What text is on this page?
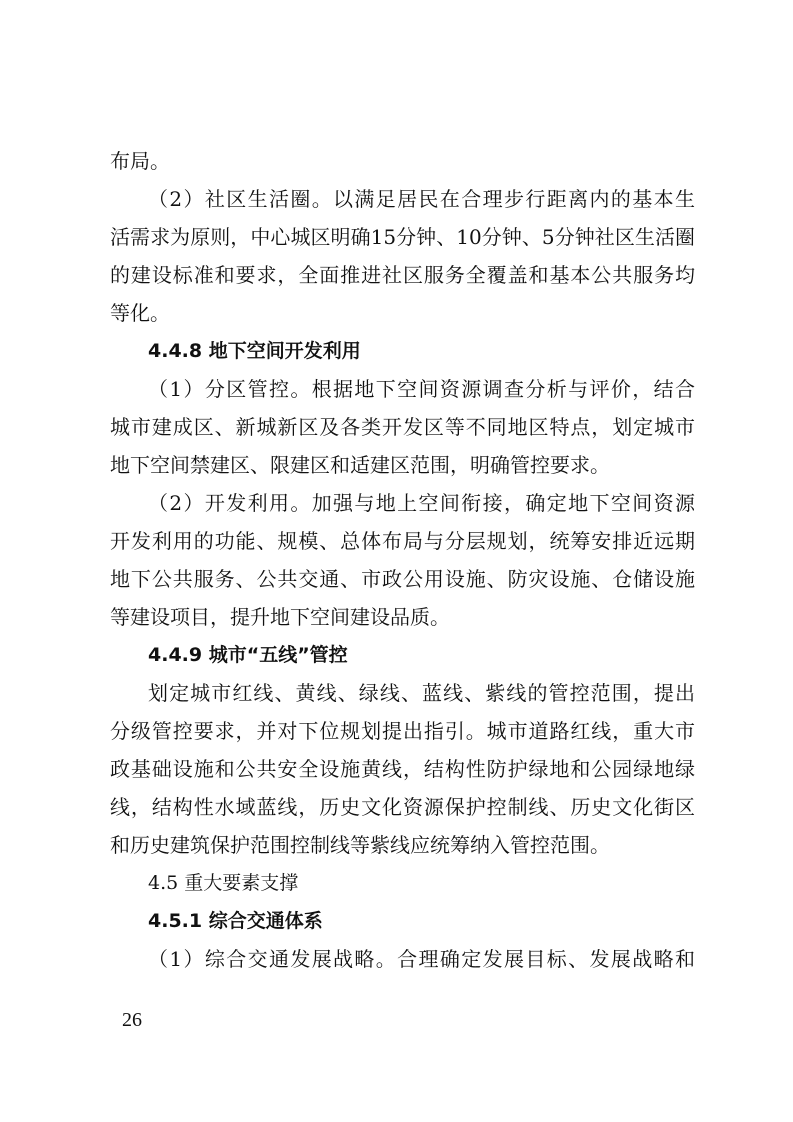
布局。
（2）社区生活圈。以满足居民在合理步行距离内的基本生
活需求为原则，中心城区明确15分钟、10分钟、5分钟社区生活圈
的建设标准和要求，全面推进社区服务全覆盖和基本公共服务均
等化。
4.4.8 地下空间开发利用
（1）分区管控。根据地下空间资源调查分析与评价，结合
城市建成区、新城新区及各类开发区等不同地区特点，划定城市
地下空间禁建区、限建区和适建区范围，明确管控要求。
（2）开发利用。加强与地上空间衔接，确定地下空间资源
开发利用的功能、规模、总体布局与分层规划，统筹安排近远期
地下公共服务、公共交通、市政公用设施、防灾设施、仓储设施
等建设项目，提升地下空间建设品质。
4.4.9 城市“五线”管控
划定城市红线、黄线、绿线、蓝线、紫线的管控范围，提出
分级管控要求，并对下位规划提出指引。城市道路红线，重大市
政基础设施和公共安全设施黄线，结构性防护绿地和公园绿地绿
线，结构性水域蓝线，历史文化资源保护控制线、历史文化街区
和历史建筑保护范围控制线等紫线应统筹纳入管控范围。
4.5 重大要素支撑
4.5.1 综合交通体系
（1）综合交通发展战略。合理确定发展目标、发展战略和
26
